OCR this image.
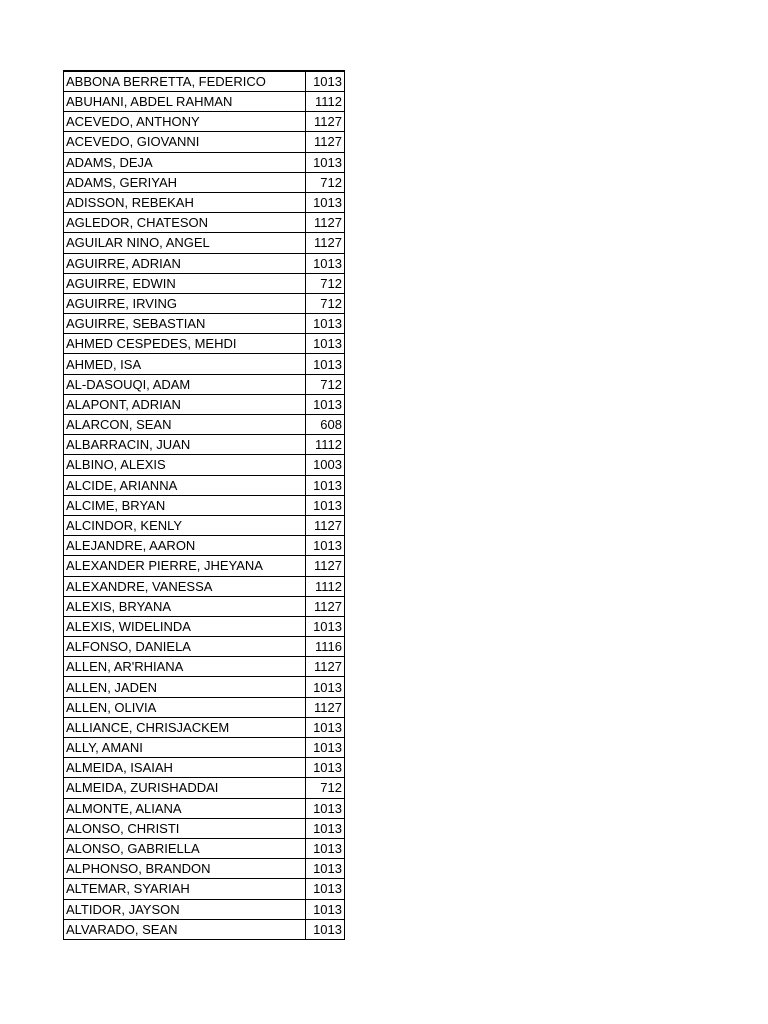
ABBONA BERRETTA, FEDERICO	1013
ABUHANI, ABDEL RAHMAN	1112
ACEVEDO, ANTHONY	1127
ACEVEDO, GIOVANNI	1127
ADAMS, DEJA	1013
ADAMS, GERIYAH	712
ADISSON, REBEKAH	1013
AGLEDOR, CHATESON	1127
AGUILAR NINO, ANGEL	1127
AGUIRRE, ADRIAN	1013
AGUIRRE, EDWIN	712
AGUIRRE, IRVING	712
AGUIRRE, SEBASTIAN	1013
AHMED CESPEDES, MEHDI	1013
AHMED, ISA	1013
AL-DASOUQI, ADAM	712
ALAPONT, ADRIAN	1013
ALARCON, SEAN	608
ALBARRACIN, JUAN	1112
ALBINO, ALEXIS	1003
ALCIDE, ARIANNA	1013
ALCIME, BRYAN	1013
ALCINDOR, KENLY	1127
ALEJANDRE, AARON	1013
ALEXANDER PIERRE, JHEYANA	1127
ALEXANDRE, VANESSA	1112
ALEXIS, BRYANA	1127
ALEXIS, WIDELINDA	1013
ALFONSO, DANIELA	1116
ALLEN, AR'RHIANA	1127
ALLEN, JADEN	1013
ALLEN, OLIVIA	1127
ALLIANCE, CHRISJACKEM	1013
ALLY, AMANI	1013
ALMEIDA, ISAIAH	1013
ALMEIDA, ZURISHADDAI	712
ALMONTE, ALIANA	1013
ALONSO, CHRISTI	1013
ALONSO, GABRIELLA	1013
ALPHONSO, BRANDON	1013
ALTEMAR, SYARIAH	1013
ALTIDOR, JAYSON	1013
ALVARADO, SEAN	1013
